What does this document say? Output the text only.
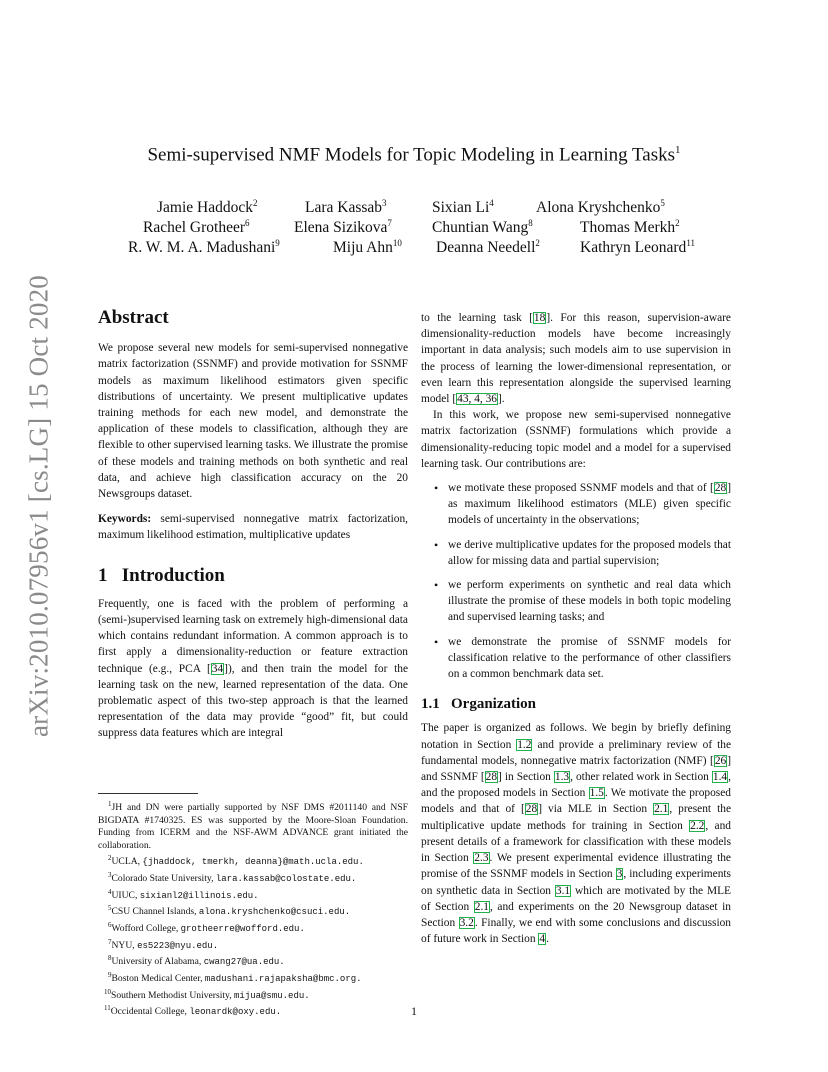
arXiv:2010.07956v1 [cs.LG] 15 Oct 2020
Semi-supervised NMF Models for Topic Modeling in Learning Tasks$^1$
Jamie Haddock$^2$	Lara Kassab$^3$	Sixian Li$^4$	Alona Kryshchenko$^5$
Rachel Grotheer$^6$	Elena Sizikova$^7$	Chuntian Wang$^8$	Thomas Merkh$^2$
R. W. M. A. Madushani$^9$	Miju Ahn$^{10}$ Deanna Needell$^2$	Kathryn Leonard$^{11}$
Abstract

We propose several new models for semi-supervised nonnegative matrix factorization (SSNMF) and provide motivation for SSNMF models as maximum likelihood estimators given specific distributions of uncertainty. We present multiplicative updates training methods for each new model, and demonstrate the application of these models to classification, although they are flexible to other supervised learning tasks. We illustrate the promise of these models and training methods on both synthetic and real data, and achieve high classification accuracy on the 20 Newsgroups dataset.

Keywords: semi-supervised nonnegative matrix factorization, maximum likelihood estimation, multiplicative updates

1 Introduction

Frequently, one is faced with the problem of performing a (semi-)supervised learning task on extremely high-dimensional data which contains redundant information. A common approach is to first apply a dimensionality-reduction or feature extraction technique (e.g., PCA [34]), and then train the model for the learning task on the new, learned representation of the data. One problematic aspect of this two-step approach is that the learned representation of the data may provide “good” fit, but could suppress data features which are integral

$^1$JH and DN were partially supported by NSF DMS #2011140 and NSF BIGDATA #1740325. ES was supported by the Moore-Sloan Foundation. Funding from ICERM and the NSF-AWM ADVANCE grant initiated the collaboration.

$^2$UCLA, {jhaddock, tmerkh, deanna}@math.ucla.edu.

$^3$Colorado State University, lara.kassab@colostate.edu.

$^4$UIUC, sixianl2@illinois.edu.

$^5$CSU Channel Islands, alona.kryshchenko@csuci.edu.

$^6$Wofford College, grotheerre@wofford.edu.

$^7$NYU, es5223@nyu.edu.

$^8$University of Alabama, cwang27@ua.edu.

$^9$Boston Medical Center, madushani.rajapaksha@bmc.org.

$^{10}$Southern Methodist University, mijua@smu.edu.

$^{11}$Occidental College, leonardk@oxy.edu.

to the learning task [18]. For this reason, supervision-aware dimensionality-reduction models have become increasingly important in data analysis; such models aim to use supervision in the process of learning the lower-dimensional representation, or even learn this representation alongside the supervised learning model [43, 4, 36].

In this work, we propose new semi-supervised nonnegative matrix factorization (SSNMF) formulations which provide a dimensionality-reducing topic model and a model for a supervised learning task. Our contributions are:

• we motivate these proposed SSNMF models and that of [28] as maximum likelihood estimators (MLE) given specific models of uncertainty in the observations;
• we derive multiplicative updates for the proposed models that allow for missing data and partial supervision;
• we perform experiments on synthetic and real data which illustrate the promise of these models in both topic modeling and supervised learning tasks; and
• we demonstrate the promise of SSNMF models for classification relative to the performance of other classifiers on a common benchmark data set.
1.1 Organization

The paper is organized as follows. We begin by briefly defining notation in Section 1.2 and provide a preliminary review of the fundamental models, nonnegative matrix factorization (NMF) [26] and SSNMF [28] in Section 1.3, other related work in Section 1.4, and the proposed models in Section 1.5. We motivate the proposed models and that of [28] via MLE in Section 2.1, present the multiplicative update methods for training in Section 2.2, and present details of a framework for classification with these models in Section 2.3. We present experimental evidence illustrating the promise of the SSNMF models in Section 3, including experiments on synthetic data in Section 3.1 which are motivated by the MLE of Section 2.1, and experiments on the 20 Newsgroup dataset in Section 3.2. Finally, we end with some conclusions and discussion of future work in Section 4.

1
